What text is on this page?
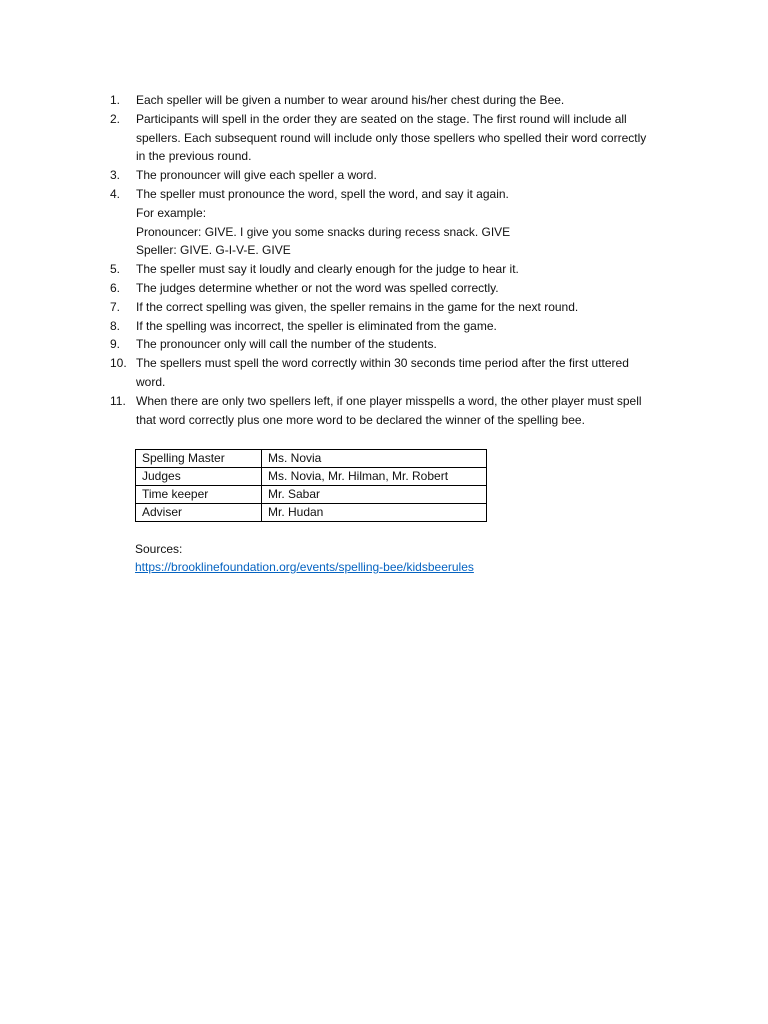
1.	Each speller will be given a number to wear around his/her chest during the Bee.
2.	Participants will spell in the order they are seated on the stage. The first round will include all
spellers. Each subsequent round will include only those spellers who spelled their word correctly
in the previous round.
3.	The pronouncer will give each speller a word.
4.	The speller must pronounce the word, spell the word, and say it again.
For example:
Pronouncer: GIVE. I give you some snacks during recess snack. GIVE
Speller: GIVE. G-I-V-E. GIVE
5.	The speller must say it loudly and clearly enough for the judge to hear it.
6.	The judges determine whether or not the word was spelled correctly.
7.	If the correct spelling was given, the speller remains in the game for the next round.
8.	If the spelling was incorrect, the speller is eliminated from the game.
9.	The pronouncer only will call the number of the students.
10. The spellers must spell the word correctly within 30 seconds time period after the first uttered
word.
11. When there are only two spellers left, if one player misspells a word, the other player must spell
that word correctly plus one more word to be declared the winner of the spelling bee.
Spelling Master	Ms. Novia
Judges	Ms. Novia, Mr. Hilman, Mr. Robert
Time keeper	Mr. Sabar
Adviser	Mr. Hudan
Sources:
https://brooklinefoundation.org/events/spelling-bee/kidsbeerules
